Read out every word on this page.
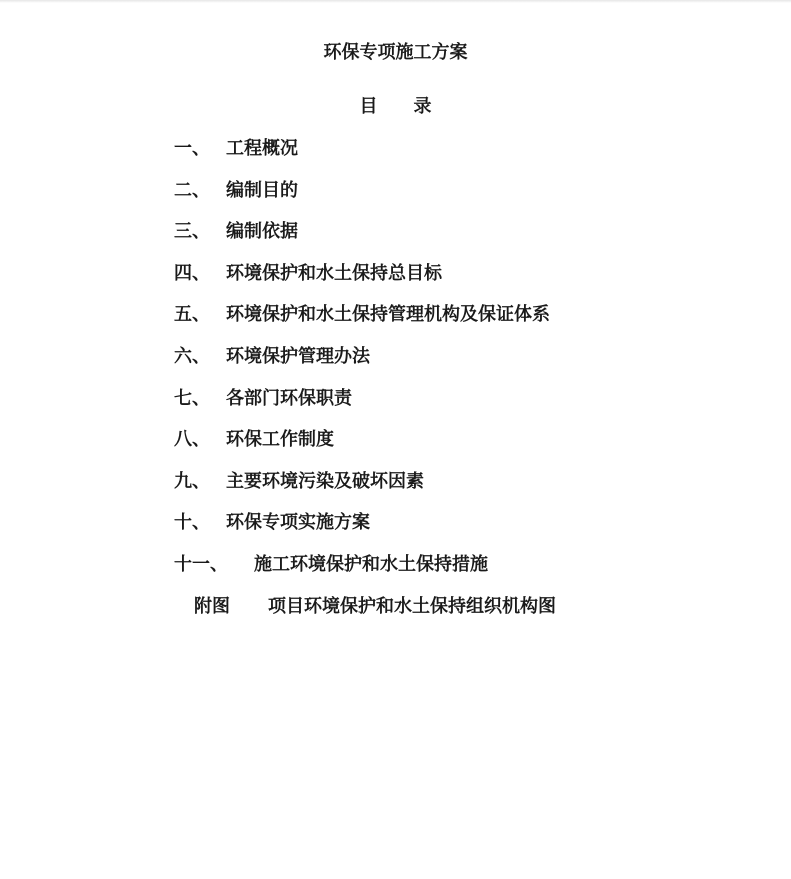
环保专项施工方案
目 录
一、 工程概况
二、 编制目的
三、 编制依据
四、 环境保护和水土保持总目标
五、 环境保护和水土保持管理机构及保证体系
六、 环境保护管理办法
七、 各部门环保职责
八、 环保工作制度
九、 主要环境污染及破坏因素
十、 环保专项实施方案
十一、 施工环境保护和水土保持措施
附图 项目环境保护和水土保持组织机构图
